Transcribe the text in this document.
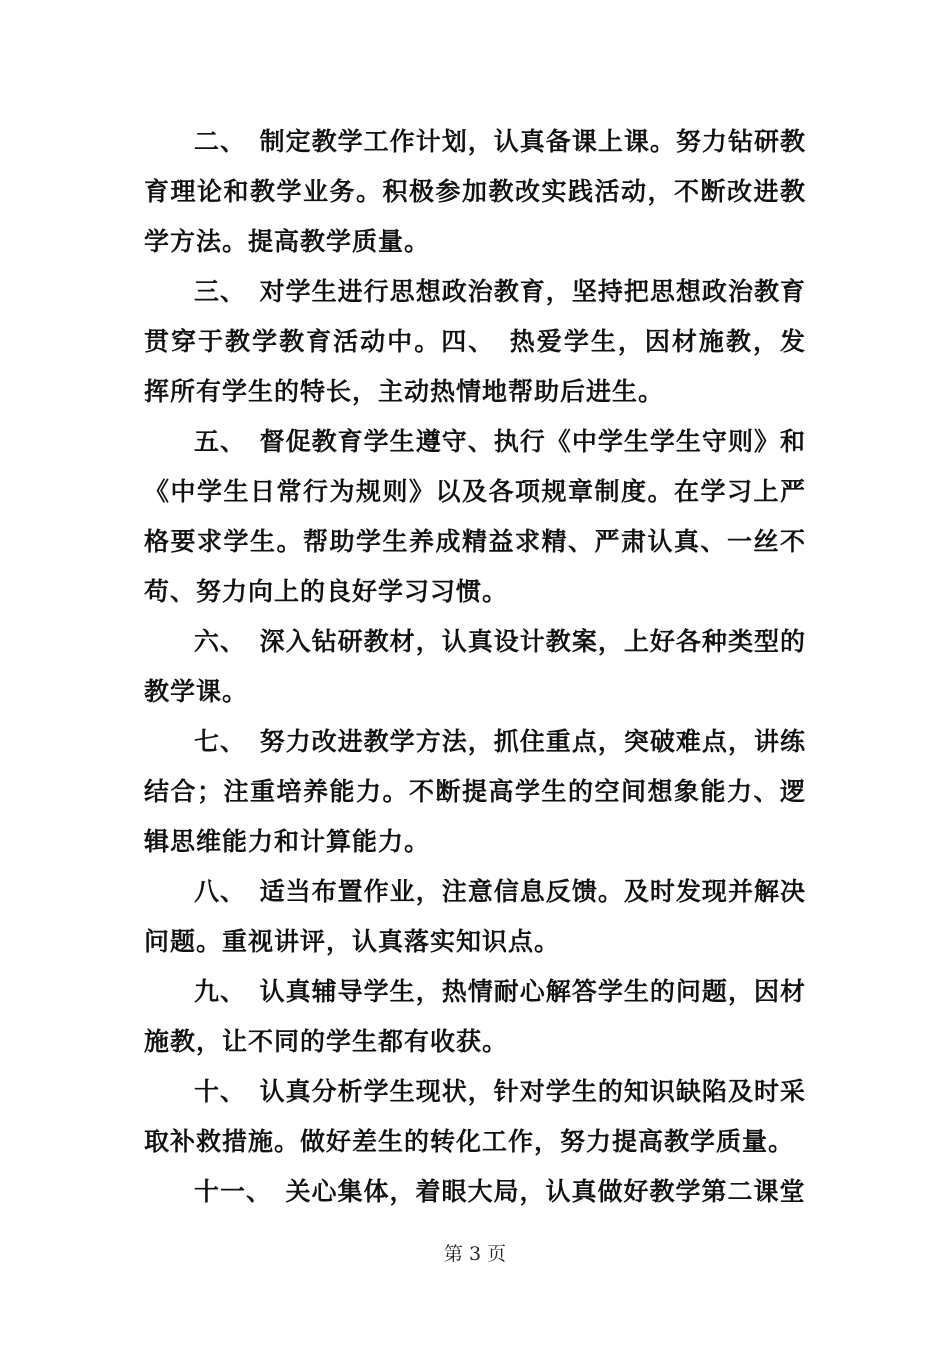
二、　制定教学工作计划，认真备课上课。努力钻研教育理论和教学业务。积极参加教改实践活动，不断改进教学方法。提高教学质量。

三、　对学生进行思想政治教育，坚持把思想政治教育贯穿于教学教育活动中。四、　热爱学生，因材施教，发挥所有学生的特长，主动热情地帮助后进生。

五、　督促教育学生遵守、执行《中学生学生守则》和《中学生日常行为规则》以及各项规章制度。在学习上严格要求学生。帮助学生养成精益求精、严肃认真、一丝不苟、努力向上的良好学习习惯。

六、　深入钻研教材，认真设计教案，上好各种类型的教学课。

七、　努力改进教学方法，抓住重点，突破难点，讲练结合；注重培养能力。不断提高学生的空间想象能力、逻辑思维能力和计算能力。

八、　适当布置作业，注意信息反馈。及时发现并解决问题。重视讲评，认真落实知识点。

九、　认真辅导学生，热情耐心解答学生的问题，因材施教，让不同的学生都有收获。

十、　认真分析学生现状，针对学生的知识缺陷及时采取补救措施。做好差生的转化工作，努力提高教学质量。

十一、　关心集体，着眼大局，认真做好教学第二课堂

第 3 页
